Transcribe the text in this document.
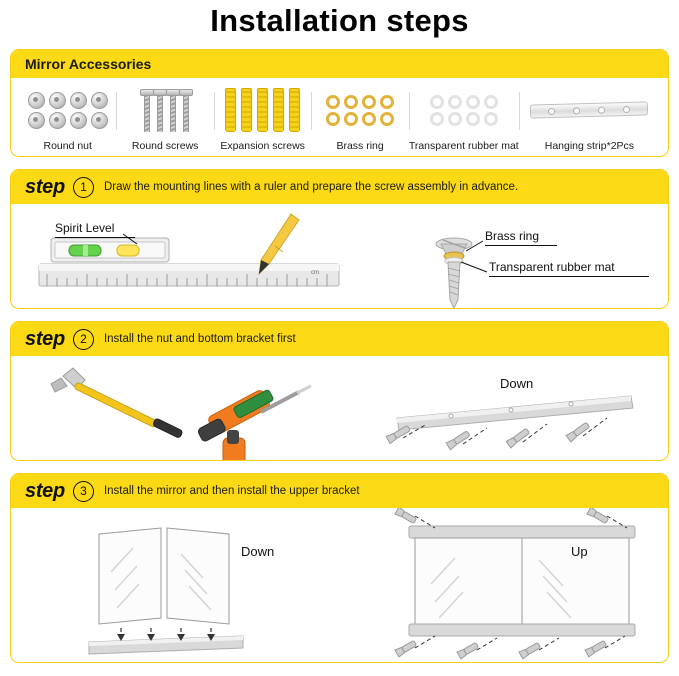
Installation steps
Mirror Accessories
Round nut	Round screws	Expansion screws	Brass ring	Transparent rubber mat	Hanging strip*2Pcs
step	1	Draw the mounting lines with a ruler and prepare the screw assembly in advance.
cm
Spirit Level
Brass ring
Transparent rubber mat
step	2	Install the nut and bottom bracket first
Down
step	3	Install the mirror and then install the upper bracket
Down	Up
